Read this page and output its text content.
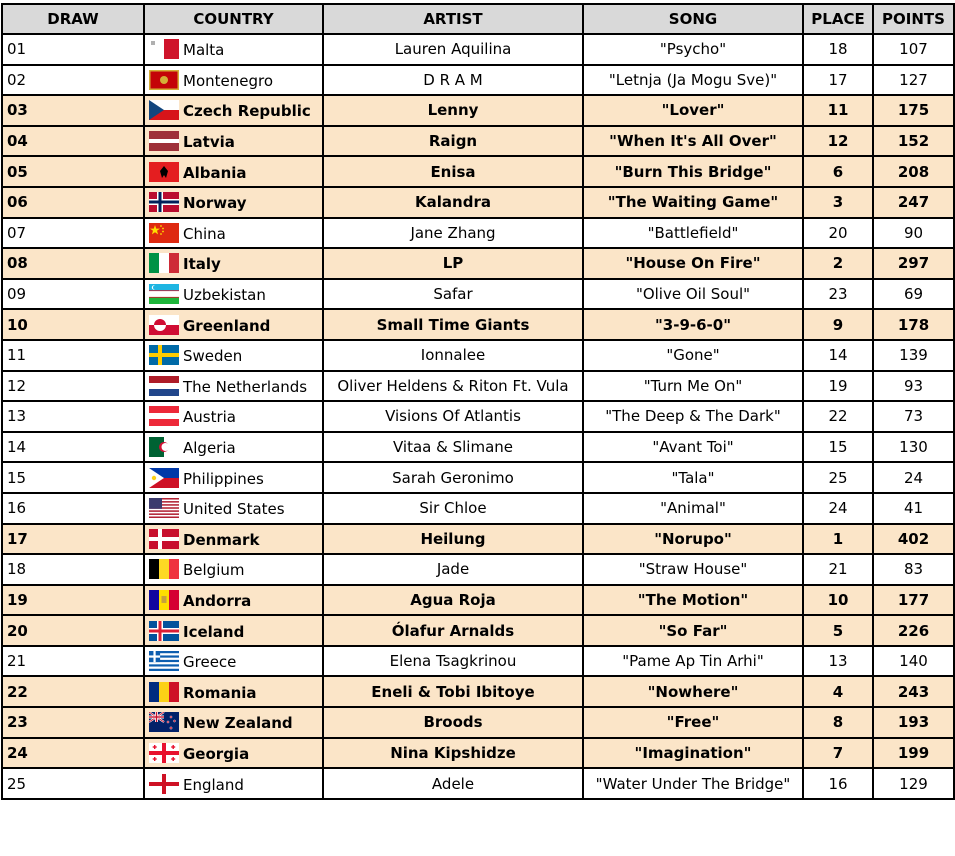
DRAW	COUNTRY	ARTIST	SONG	PLACE	POINTS
01	Malta	Lauren Aquilina	"Psycho"	18	107
02	Montenegro	D R A M	"Letnja (Ja Mogu Sve)"	17	127
03	Czech Republic	Lenny	"Lover"	11	175
04	Latvia	Raign	"When It's All Over"	12	152
05	Albania	Enisa	"Burn This Bridge"	6	208
06	Norway	Kalandra	"The Waiting Game"	3	247
07	China	Jane Zhang	"Battlefield"	20	90
08	Italy	LP	"House On Fire"	2	297
09	Uzbekistan	Safar	"Olive Oil Soul"	23	69
10	Greenland	Small Time Giants	"3-9-6-0"	9	178
11	Sweden	Ionnalee	"Gone"	14	139
12	The Netherlands	Oliver Heldens & Riton Ft. Vula	"Turn Me On"	19	93
13	Austria	Visions Of Atlantis	"The Deep & The Dark"	22	73
14	Algeria	Vitaa & Slimane	"Avant Toi"	15	130
15	Philippines	Sarah Geronimo	"Tala"	25	24
16	United States	Sir Chloe	"Animal"	24	41
17	Denmark	Heilung	"Norupo"	1	402
18	Belgium	Jade	"Straw House"	21	83
19	Andorra	Agua Roja	"The Motion"	10	177
20	Iceland	Ólafur Arnalds	"So Far"	5	226
21	Greece	Elena Tsagkrinou	"Pame Ap Tin Arhi"	13	140
22	Romania	Eneli & Tobi Ibitoye	"Nowhere"	4	243
23	New Zealand	Broods	"Free"	8	193
24	Georgia	Nina Kipshidze	"Imagination"	7	199
25	England	Adele	"Water Under The Bridge"	16	129
